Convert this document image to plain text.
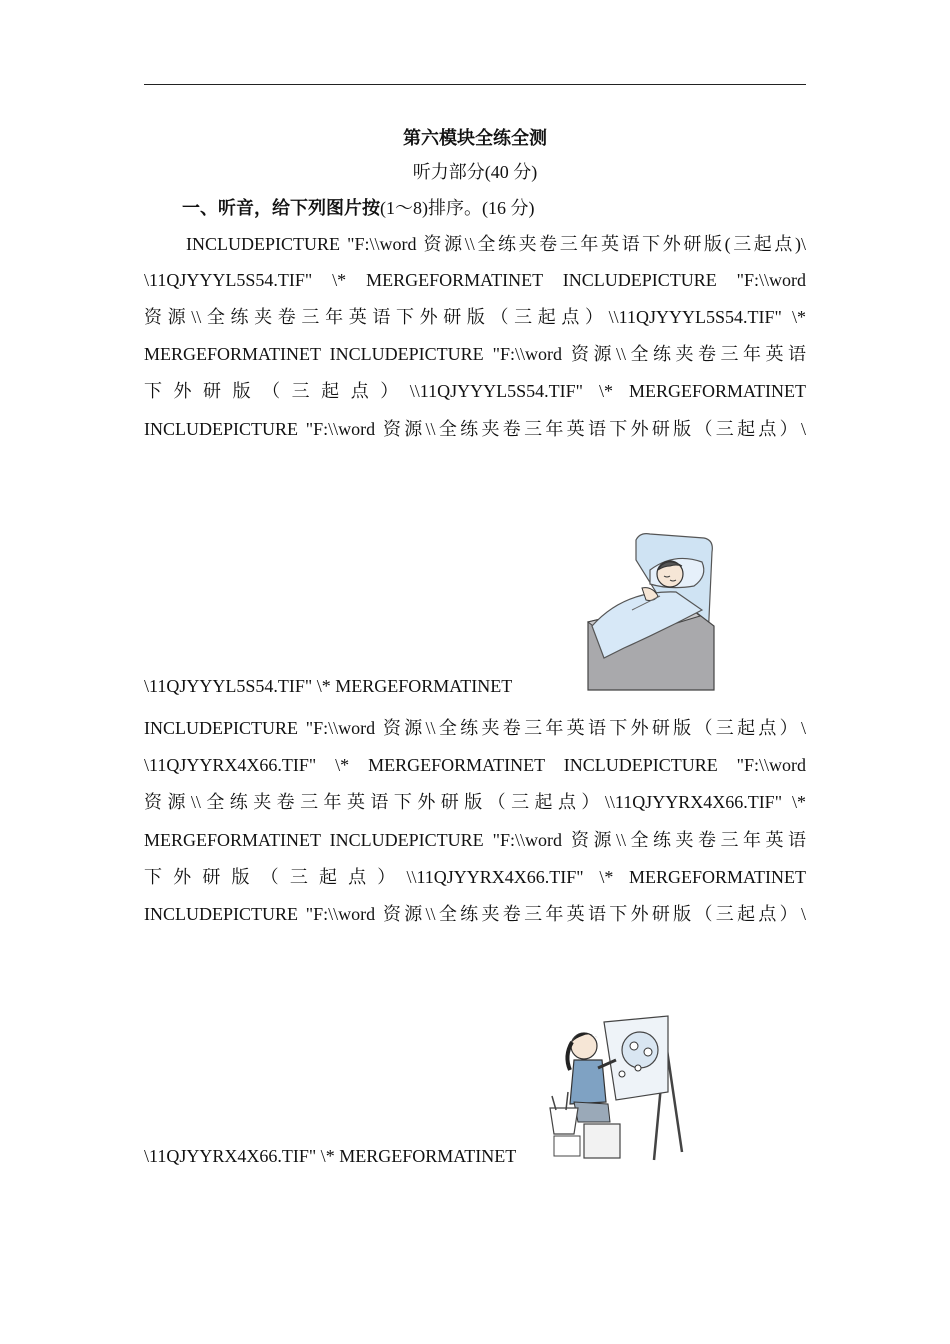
第六模块全练全测
听力部分(40 分)
一、听音，给下列图片按(1～8)排序。(16 分)
INCLUDEPICTURE "F:\\word 资源\\全练夹卷三年英语下外研版(三起点)\
\11QJYYYL5S54.TIF" \* MERGEFORMATINET INCLUDEPICTURE "F:\\word
资源\\全练夹卷三年英语下外研版（三起点）\\11QJYYYL5S54.TIF" \*
MERGEFORMATINET INCLUDEPICTURE "F:\\word 资源\\全练夹卷三年英语
下外研版（三起点）\\11QJYYYL5S54.TIF" \* MERGEFORMATINET
INCLUDEPICTURE "F:\\word 资源\\全练夹卷三年英语下外研版（三起点）\
\11QJYYYL5S54.TIF" \* MERGEFORMATINET
INCLUDEPICTURE "F:\\word 资源\\全练夹卷三年英语下外研版（三起点）\
\11QJYYRX4X66.TIF" \* MERGEFORMATINET INCLUDEPICTURE "F:\\word
资源\\全练夹卷三年英语下外研版（三起点）\\11QJYYRX4X66.TIF" \*
MERGEFORMATINET INCLUDEPICTURE "F:\\word 资源\\全练夹卷三年英语
下外研版（三起点）\\11QJYYRX4X66.TIF" \* MERGEFORMATINET
INCLUDEPICTURE "F:\\word 资源\\全练夹卷三年英语下外研版（三起点）\
\11QJYYRX4X66.TIF" \* MERGEFORMATINET
